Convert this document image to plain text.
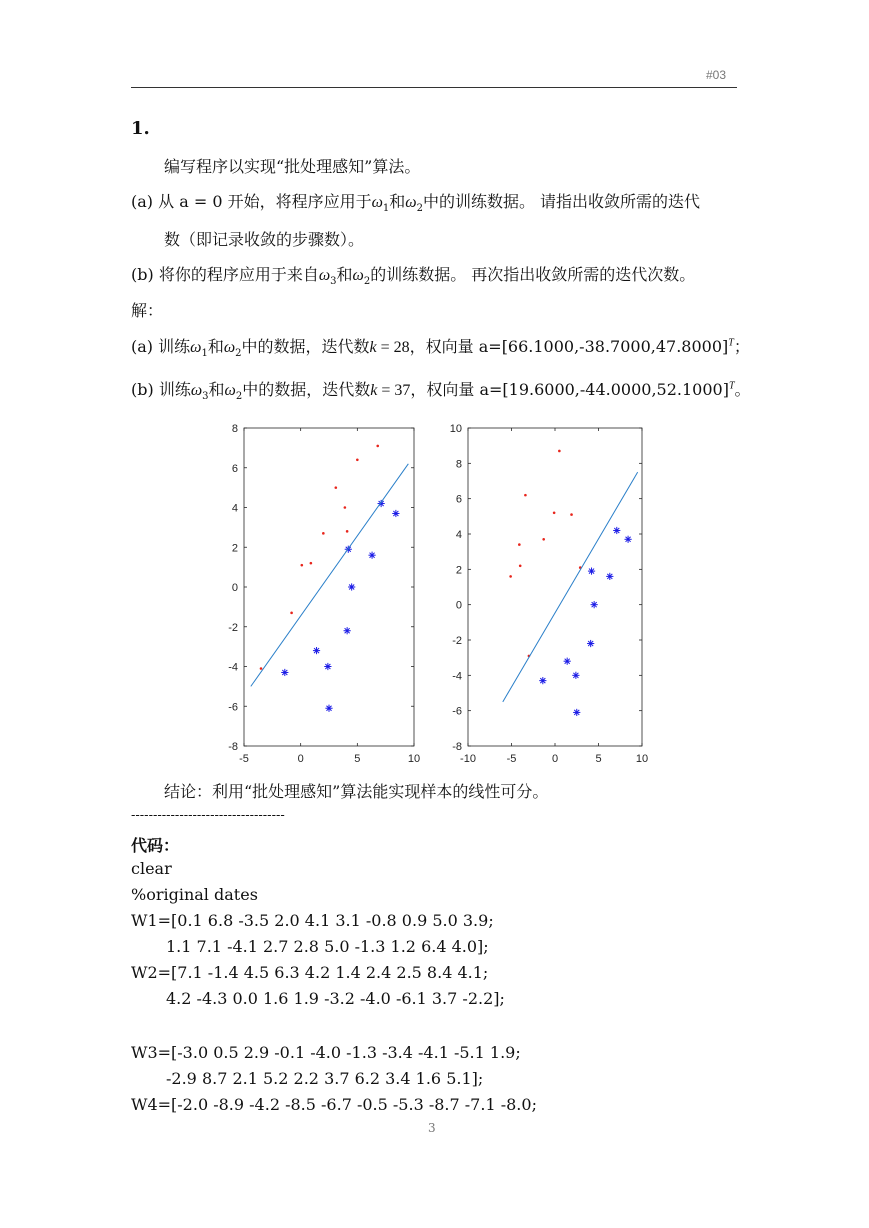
#03
1.
编写程序以实现“批处理感知”算法。
(a) 从 a = 0 开始，将程序应用于$\omega_1$和$\omega_2$中的训练数据。 请指出收敛所需的迭代
数（即记录收敛的步骤数）。
(b) 将你的程序应用于来自$\omega_3$和$\omega_2$的训练数据。 再次指出收敛所需的迭代次数。
解：
(a) 训练$\omega_1$和$\omega_2$中的数据，迭代数k = 28，权向量 $a=[66.1000,-38.7000,47.8000]^T$；
(b) 训练$\omega_3$和$\omega_2$中的数据，迭代数k = 37，权向量 $a=[19.6000,-44.0000,52.1000]^T$。
-5	0	5	10
-8
-6
-4
-2
0
2
4
6
8
-10	-5	0	5	10
-8
-6
-4
-2
0
2
4
6
8
10
结论：利用“批处理感知”算法能实现样本的线性可分。
-----------------------------------
代码：
clear
%original dates
W1=[0.1 6.8 -3.5 2.0 4.1 3.1 -0.8 0.9 5.0 3.9;
1.1 7.1 -4.1 2.7 2.8 5.0 -1.3 1.2 6.4 4.0];
W2=[7.1 -1.4 4.5 6.3 4.2 1.4 2.4 2.5 8.4 4.1;
4.2 -4.3 0.0 1.6 1.9 -3.2 -4.0 -6.1 3.7 -2.2];
W3=[-3.0 0.5 2.9 -0.1 -4.0 -1.3 -3.4 -4.1 -5.1 1.9;
-2.9 8.7 2.1 5.2 2.2 3.7 6.2 3.4 1.6 5.1];
W4=[-2.0 -8.9 -4.2 -8.5 -6.7 -0.5 -5.3 -8.7 -7.1 -8.0;
3
